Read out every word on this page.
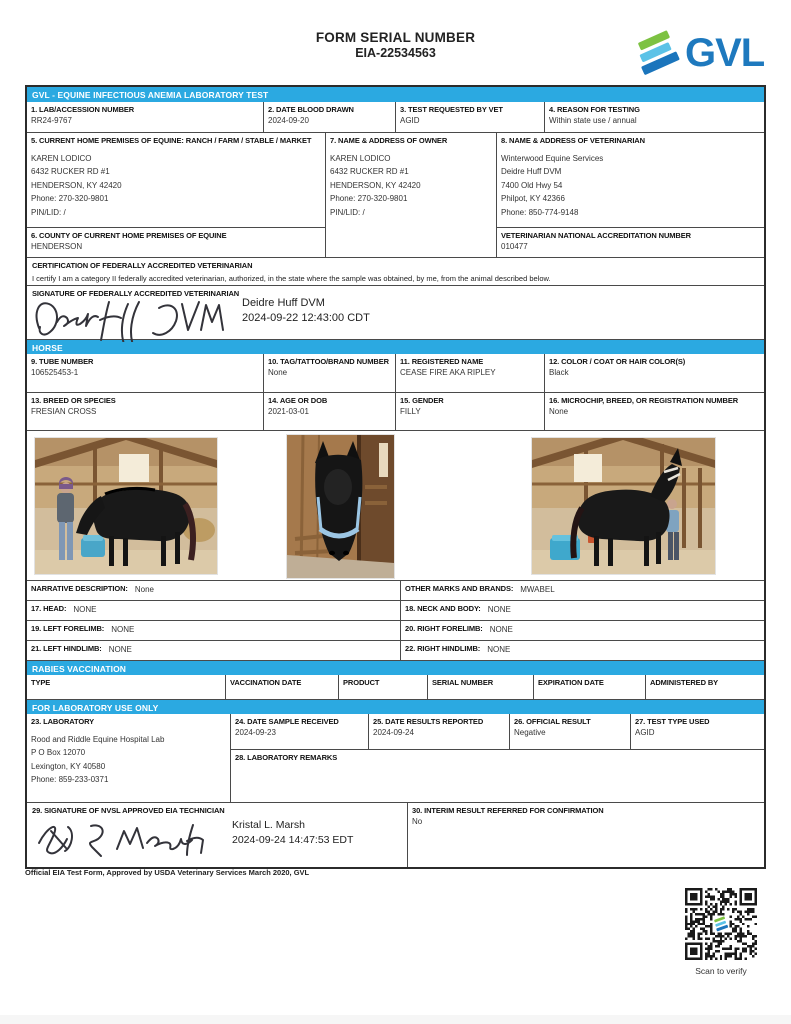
FORM SERIAL NUMBER
EIA-22534563	GVL
GVL - EQUINE INFECTIOUS ANEMIA LABORATORY TEST
1. LAB/ACCESSION NUMBER
RR24-9767
2. DATE BLOOD DRAWN
2024-09-20
3. TEST REQUESTED BY VET
AGID
4. REASON FOR TESTING
Within state use / annual
5. CURRENT HOME PREMISES OF EQUINE: RANCH / FARM / STABLE / MARKET
KAREN LODICO
6432 RUCKER RD #1
HENDERSON, KY 42420
Phone: 270-320-9801
PIN/LID: /
6. COUNTY OF CURRENT HOME PREMISES OF EQUINE
HENDERSON
7. NAME & ADDRESS OF OWNER
KAREN LODICO
6432 RUCKER RD #1
HENDERSON, KY 42420
Phone: 270-320-9801
PIN/LID: /
8. NAME & ADDRESS OF VETERINARIAN
Winterwood Equine Services
Deidre Huff DVM
7400 Old Hwy 54
Philpot, KY 42366
Phone: 850-774-9148
VETERINARIAN NATIONAL ACCREDITATION NUMBER
010477
CERTIFICATION OF FEDERALLY ACCREDITED VETERINARIAN
I certify I am a category II federally accredited veterinarian, authorized, in the state where the sample was obtained, by me, from the animal described below.
SIGNATURE OF FEDERALLY ACCREDITED VETERINARIAN
Deidre Huff DVM
2024-09-22 12:43:00 CDT
HORSE
9. TUBE NUMBER
106525453-1
10. TAG/TATTOO/BRAND NUMBER
None
11. REGISTERED NAME
CEASE FIRE AKA RIPLEY
12. COLOR / COAT OR HAIR COLOR(S)
Black
13. BREED OR SPECIES
FRESIAN CROSS
14. AGE OR DOB
2021-03-01
15. GENDER
FILLY
16. MICROCHIP, BREED, OR REGISTRATION NUMBER
None
NARRATIVE DESCRIPTION: None	OTHER MARKS AND BRANDS: MWABEL
17. HEAD: NONE	18. NECK AND BODY: NONE
19. LEFT FORELIMB: NONE	20. RIGHT FORELIMB: NONE
21. LEFT HINDLIMB: NONE	22. RIGHT HINDLIMB: NONE
RABIES VACCINATION
TYPE	VACCINATION DATE	PRODUCT	SERIAL NUMBER	EXPIRATION DATE	ADMINISTERED BY
FOR LABORATORY USE ONLY
23. LABORATORY
Rood and Riddle Equine Hospital Lab
P O Box 12070
Lexington, KY 40580
Phone: 859-233-0371
24. DATE SAMPLE RECEIVED
2024-09-23
25. DATE RESULTS REPORTED
2024-09-24
26. OFFICIAL RESULT
Negative
27. TEST TYPE USED
AGID
28. LABORATORY REMARKS
29. SIGNATURE OF NVSL APPROVED EIA TECHNICIAN
Kristal L. Marsh
2024-09-24 14:47:53 EDT
30. INTERIM RESULT REFERRED FOR CONFIRMATION
No
Official EIA Test Form, Approved by USDA Veterinary Services March 2020, GVL
Scan to verify
